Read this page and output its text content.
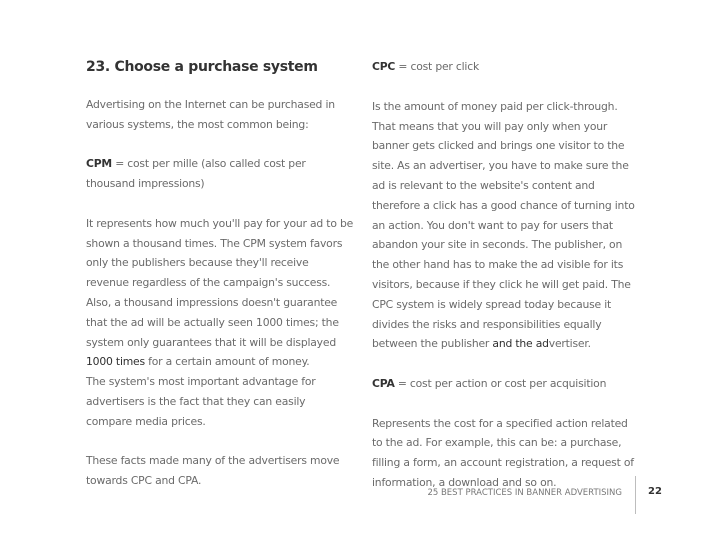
23. Choose a purchase system

Advertising on the Internet can be purchased in various systems, the most common being:

CPM = cost per mille (also called cost per thousand impressions)

It represents how much you'll pay for your ad to be shown a thousand times. The CPM system favors only the publishers because they'll receive revenue regardless of the campaign's success. Also, a thousand impressions doesn't guarantee that the ad will be actually seen 1000 times; the system only guarantees that it will be displayed 1000 times for a certain amount of money.

The system's most important advantage for advertisers is the fact that they can easily compare media prices.

These facts made many of the advertisers move towards CPC and CPA.

CPC = cost per click

Is the amount of money paid per click-through. That means that you will pay only when your banner gets clicked and brings one visitor to the site. As an advertiser, you have to make sure the ad is relevant to the website's content and therefore a click has a good chance of turning into an action. You don't want to pay for users that abandon your site in seconds. The publisher, on the other hand has to make the ad visible for its visitors, because if they click he will get paid. The CPC system is widely spread today because it divides the risks and responsibilities equally between the publisher and the advertiser.

CPA = cost per action or cost per acquisition

Represents the cost for a specified action related to the ad. For example, this can be: a purchase, filling a form, an account registration, a request of information, a download and so on.

25 BEST PRACTICES IN BANNER ADVERTISING	22
